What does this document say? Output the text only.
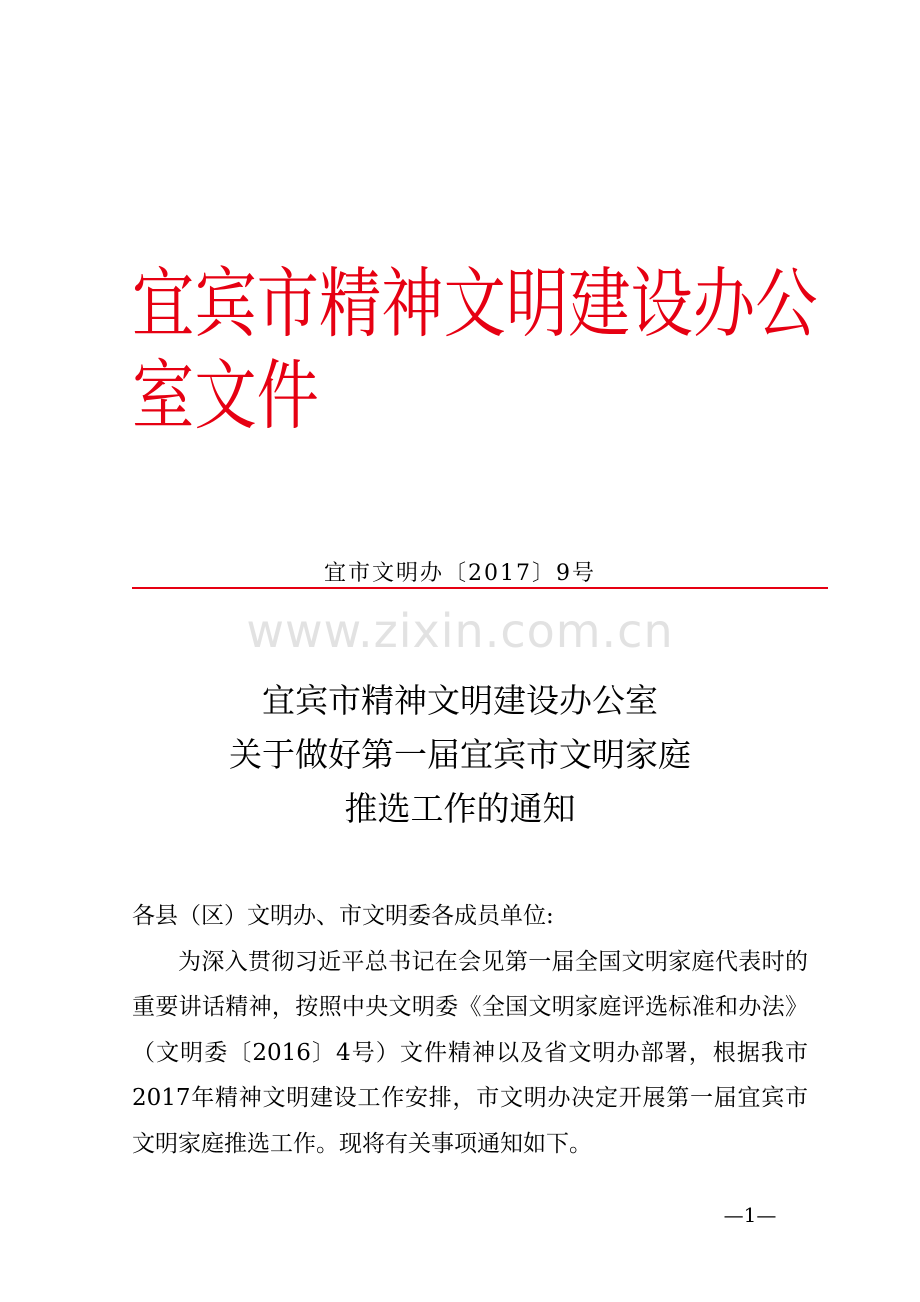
宜宾市精神文明建设办公室文件
宜市文明办〔2017〕9号
www.zixin.com.cn
宜宾市精神文明建设办公室
关于做好第一届宜宾市文明家庭
推选工作的通知
各县（区）文明办、市文明委各成员单位:
为深入贯彻习近平总书记在会见第一届全国文明家庭代表时的重要讲话精神，按照中央文明委《全国文明家庭评选标准和办法》（文明委〔2016〕4号）文件精神以及省文明办部署，根据我市2017年精神文明建设工作安排，市文明办决定开展第一届宜宾市文明家庭推选工作。现将有关事项通知如下。
—1—
